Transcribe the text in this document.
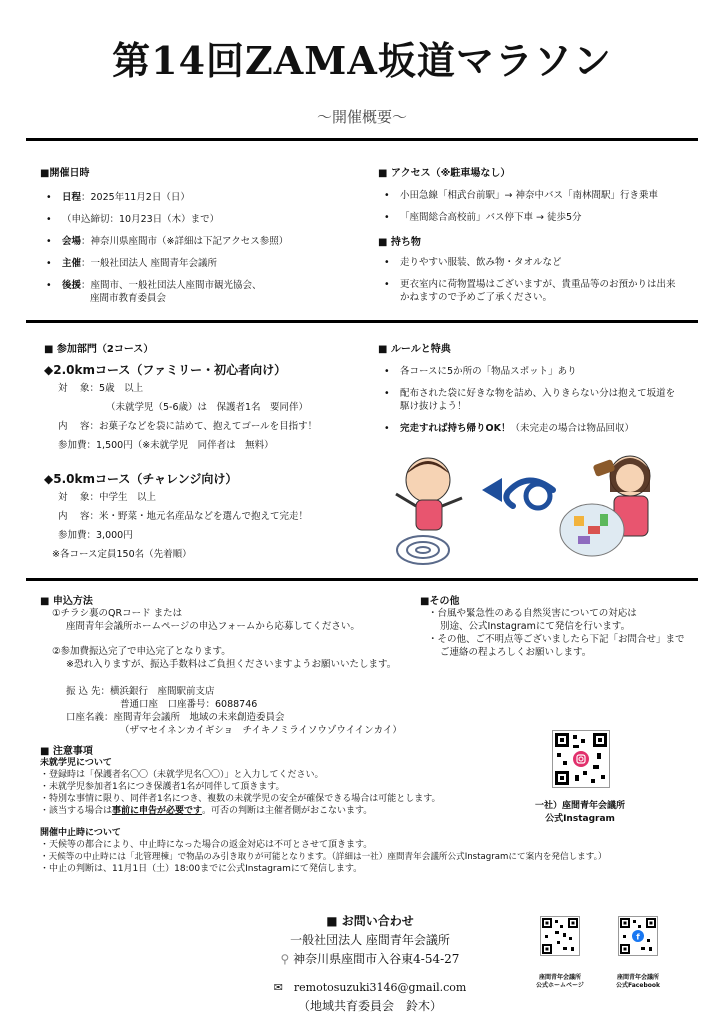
第14回ZAMA坂道マラソン
～開催概要～
■開催日時
• 日程：2025年11月2日（日）
• （申込締切：10月23日（木）まで）
• 会場：神奈川県座間市（※詳細は下記アクセス参照）
• 主催：一般社団法人 座間青年会議所
• 後援：座間市、一般社団法人座間市観光協会、
座間市教育委員会
■ アクセス（※駐車場なし）
• 小田急線「相武台前駅」→ 神奈中バス「南林間駅」行き乗車
• 「座間総合高校前」バス停下車 → 徒歩5分
■ 持ち物
• 走りやすい服装、飲み物・タオルなど
• 更衣室内に荷物置場はございますが、貴重品等のお預かりは出来かねますので予めご了承ください。
■ 参加部門（2コース）
◆2.0kmコース（ファミリー・初心者向け）
対　 象：5歳　以上
（未就学児（5-6歳）は　保護者1名　要同伴）
内　 容：お菓子などを袋に詰めて、抱えてゴールを目指す！
参加費：1,500円（※未就学児　同伴者は　無料）
◆5.0kmコース（チャレンジ向け）
対　 象：中学生　以上
内　 容：米・野菜・地元名産品などを選んで抱えて完走！
参加費：3,000円
※各コース定員150名（先着順）
■ ルールと特典
• 各コースに5か所の「物品スポット」あり
• 配布された袋に好きな物を詰め、入りきらない分は抱えて坂道を駆け抜けよう！
• 完走すれば持ち帰りOK！（未完走の場合は物品回収）
■ 申込方法
①チラシ裏のQRコード または
座間青年会議所ホームページの申込フォームから応募してください。
②参加費振込完了で申込完了となります。
※恐れ入りますが、振込手数料はご負担くださいますようお願いいたします。
振 込 先：横浜銀行　座間駅前支店
普通口座　口座番号：6088746
口座名義：座間青年会議所　地域の未来創造委員会
（ザマセイネンカイギショ　チイキノミライソウゾウイインカイ）
■その他
・台風や緊急性のある自然災害についての対応は
別途、公式Instagramにて発信を行います。
・その他、ご不明点等ございましたら下記「お問合せ」まで
ご連絡の程よろしくお願いします。
■ 注意事項
未就学児について
・登録時は「保護者名〇〇（未就学児名〇〇）」と入力してください。
・未就学児参加者1名につき保護者1名が同伴して頂きます。
・特別な事情に限り、同伴者1名につき、複数の未就学児の安全が確保できる場合は可能とします。
・該当する場合は事前に申告が必要です。可否の判断は主催者側がおこないます。
開催中止時について
・天候等の都合により、中止時になった場合の返金対応は不可とさせて頂きます。
・天候等の中止時には「北管理棟」で物品のみ引き取りが可能となります。（詳細は一社）座間青年会議所公式Instagramにて案内を発信します。）
・中止の判断は、11月1日（土）18:00までに公式Instagramにて発信します。
一社）座間青年会議所
公式Instagram
■ お問い合わせ
一般社団法人 座間青年会議所
⚲ 神奈川県座間市入谷東4-54-27
✉　 remotosuzuki3146@gmail.com
（地域共育委員会　鈴木）
座間青年会議所
公式ホームページ
f
座間青年会議所
公式Facebook
